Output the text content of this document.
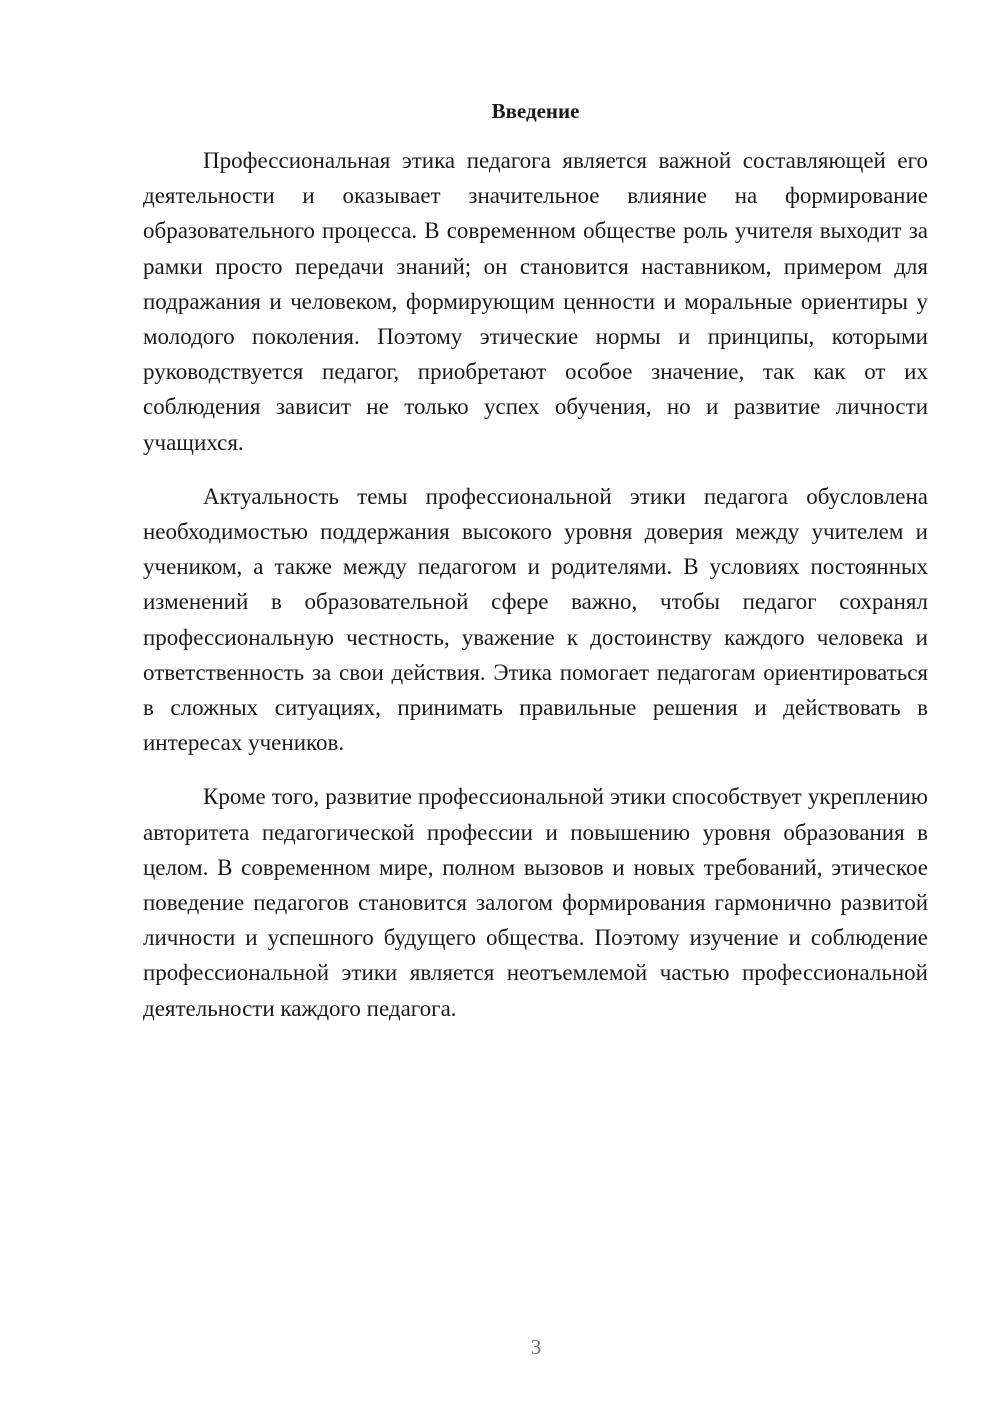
Введение

Профессиональная этика педагога является важной составляющей его деятельности и оказывает значительное влияние на формирование образовательного процесса. В современном обществе роль учителя выходит за рамки просто передачи знаний; он становится наставником, примером для подражания и человеком, формирующим ценности и моральные ориентиры у молодого поколения. Поэтому этические нормы и принципы, которыми руководствуется педагог, приобретают особое значение, так как от их соблюдения зависит не только успех обучения, но и развитие личности учащихся.

Актуальность темы профессиональной этики педагога обусловлена необходимостью поддержания высокого уровня доверия между учителем и учеником, а также между педагогом и родителями. В условиях постоянных изменений в образовательной сфере важно, чтобы педагог сохранял профессиональную честность, уважение к достоинству каждого человека и ответственность за свои действия. Этика помогает педагогам ориентироваться в сложных ситуациях, принимать правильные решения и действовать в интересах учеников.

Кроме того, развитие профессиональной этики способствует укреплению авторитета педагогической профессии и повышению уровня образования в целом. В современном мире, полном вызовов и новых требований, этическое поведение педагогов становится залогом формирования гармонично развитой личности и успешного будущего общества. Поэтому изучение и соблюдение профессиональной этики является неотъемлемой частью профессиональной деятельности каждого педагога.

3
